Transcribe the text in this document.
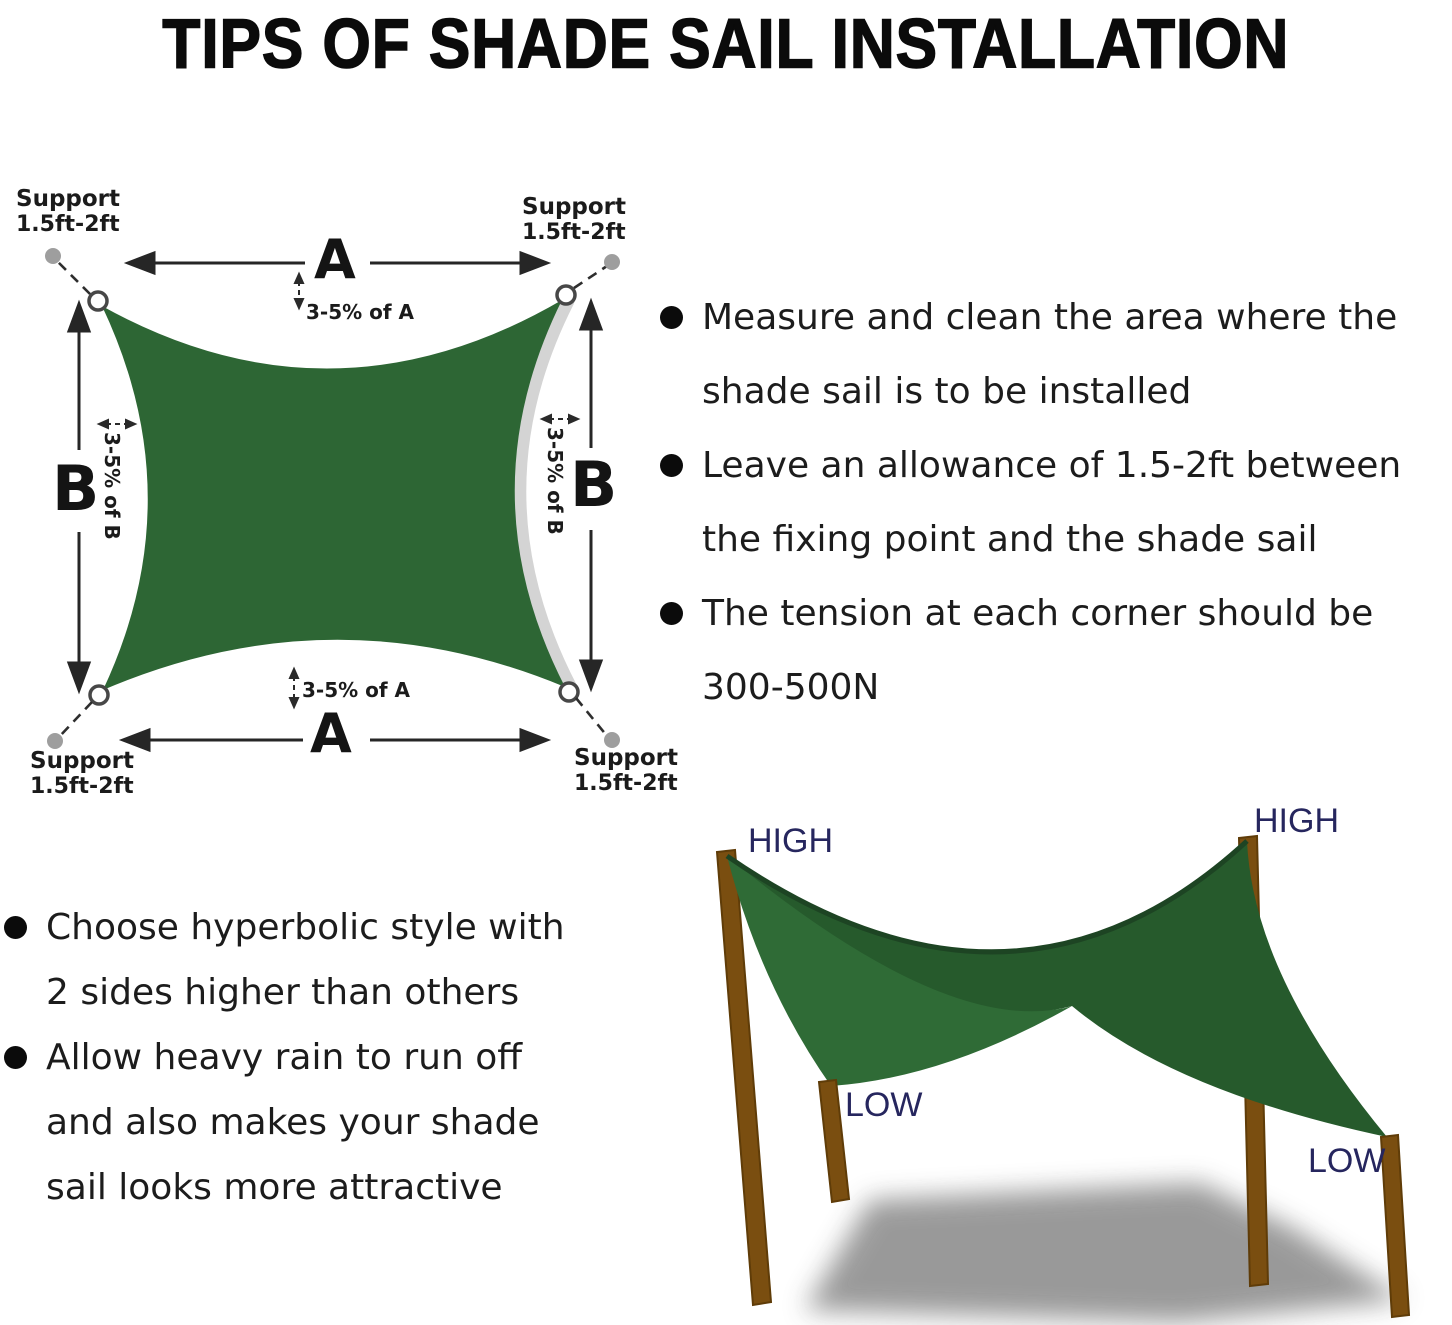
TIPS OF SHADE SAIL INSTALLATION
Support
1.5ft-2ft
Support
1.5ft-2ft
Support
1.5ft-2ft
Support
1.5ft-2ft
A
A
B	B
3-5% of A
3-5% of A
3-5% of B	3-5% of B
Measure and clean the area where the
shade sail is to be installed
Leave an allowance of 1.5-2ft between
the fixing point and the shade sail
The tension at each corner should be
300-500N
Choose hyperbolic style with
2 sides higher than others
Allow heavy rain to run off
and also makes your shade
sail looks more attractive
HIGH
HIGH
LOW
LOW
